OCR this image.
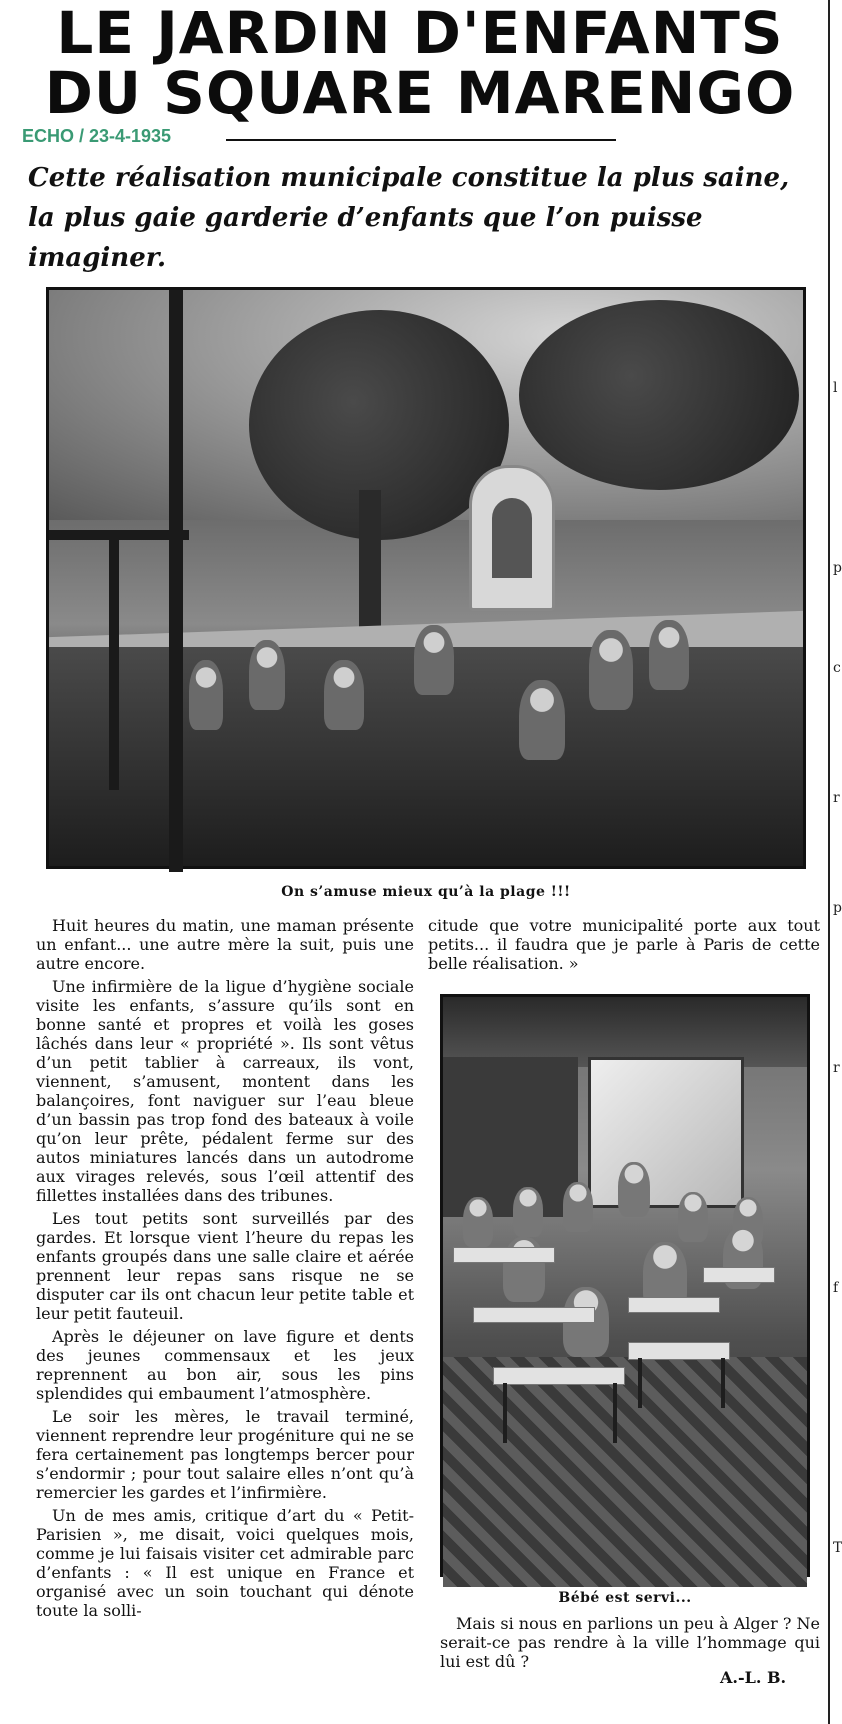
LE JARDIN D'ENFANTS
DU SQUARE MARENGO
ECHO / 23-4-1935

Cette réalisation municipale constitue la plus saine, la plus gaie garderie d’enfants que l’on puisse imaginer.

l
p
c
r
p
r
f
T

On s’amuse mieux qu’à la plage !!!

Huit heures du matin, une maman présente un enfant... une autre mère la suit, puis une autre encore.

Une infirmière de la ligue d’hygiène sociale visite les enfants, s’assure qu’ils sont en bonne santé et propres et voilà les goses lâchés dans leur « propriété ». Ils sont vêtus d’un petit tablier à carreaux, ils vont, viennent, s’amusent, montent dans les balançoires, font naviguer sur l’eau bleue d’un bassin pas trop fond des bateaux à voile qu’on leur prête, pédalent ferme sur des autos miniatures lancés dans un autodrome aux virages relevés, sous l’œil attentif des fillettes installées dans des tribunes.

Les tout petits sont surveillés par des gardes. Et lorsque vient l’heure du repas les enfants groupés dans une salle claire et aérée prennent leur repas sans risque ne se disputer car ils ont chacun leur petite table et leur petit fauteuil.

Après le déjeuner on lave figure et dents des jeunes commensaux et les jeux reprennent au bon air, sous les pins splendides qui embaument l’atmosphère.

Le soir les mères, le travail terminé, viennent reprendre leur progéniture qui ne se fera certainement pas longtemps bercer pour s’endormir ; pour tout salaire elles n’ont qu’à remercier les gardes et l’infirmière.

Un de mes amis, critique d’art du « Petit-Parisien », me disait, voici quelques mois, comme je lui faisais visiter cet admirable parc d’enfants : « Il est unique en France et organisé avec un soin touchant qui dénote toute la solli-

citude que votre municipalité porte aux tout petits... il faudra que je parle à Paris de cette belle réalisation. »

Bébé est servi...

Mais si nous en parlions un peu à Alger ? Ne serait-ce pas rendre à la ville l’hommage qui lui est dû ?

A.-L. B.
